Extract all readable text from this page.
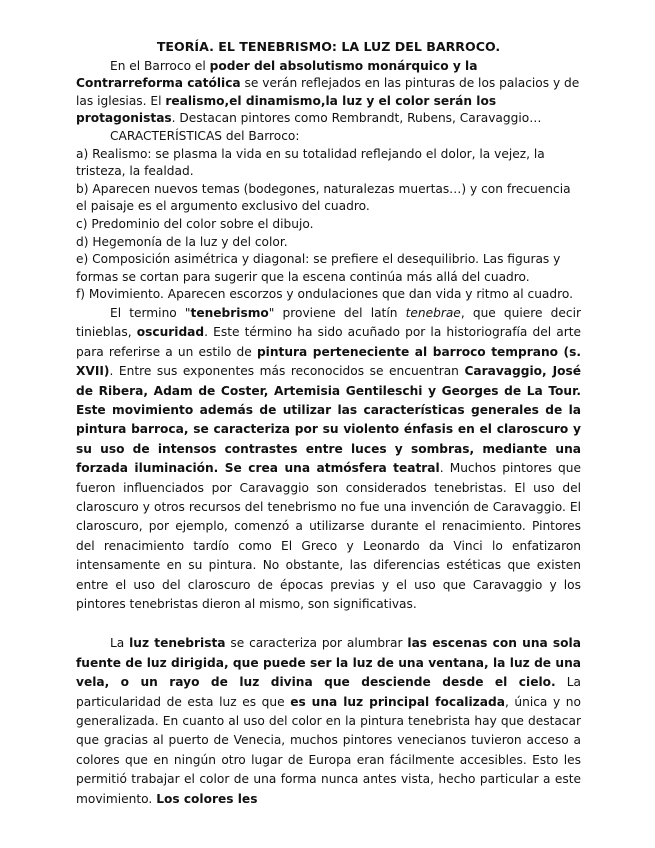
TEORÍA. EL TENEBRISMO: LA LUZ DEL BARROCO.

En el Barroco el poder del absolutismo monárquico y la Contrarreforma católica se verán reflejados en las pinturas de los palacios y de las iglesias. El realismo,el dinamismo,la luz y el color serán los protagonistas. Destacan pintores como Rembrandt, Rubens, Caravaggio…

CARACTERÍSTICAS del Barroco:

a) Realismo: se plasma la vida en su totalidad reflejando el dolor, la vejez, la tristeza, la fealdad.

b) Aparecen nuevos temas (bodegones, naturalezas muertas…) y con frecuencia el paisaje es el argumento exclusivo del cuadro.

c) Predominio del color sobre el dibujo.

d) Hegemonía de la luz y del color.

e) Composición asimétrica y diagonal: se prefiere el desequilibrio. Las figuras y formas se cortan para sugerir que la escena continúa más allá del cuadro.

f) Movimiento. Aparecen escorzos y ondulaciones que dan vida y ritmo al cuadro.

El termino "tenebrismo" proviene del latín tenebrae, que quiere decir tinieblas, oscuridad. Este término ha sido acuñado por la historiografía del arte para referirse a un estilo de pintura perteneciente al barroco temprano (s. XVII). Entre sus exponentes más reconocidos se encuentran Caravaggio, José de Ribera, Adam de Coster, Artemisia Gentileschi y Georges de La Tour. Este movimiento además de utilizar las características generales de la pintura barroca, se caracteriza por su violento énfasis en el claroscuro y su uso de intensos contrastes entre luces y sombras, mediante una forzada iluminación. Se crea una atmósfera teatral. Muchos pintores que fueron influenciados por Caravaggio son considerados tenebristas. El uso del claroscuro y otros recursos del tenebrismo no fue una invención de Caravaggio. El claroscuro, por ejemplo, comenzó a utilizarse durante el renacimiento. Pintores del renacimiento tardío como El Greco y Leonardo da Vinci lo enfatizaron intensamente en su pintura. No obstante, las diferencias estéticas que existen entre el uso del claroscuro de épocas previas y el uso que Caravaggio y los pintores tenebristas dieron al mismo, son significativas.

La luz tenebrista se caracteriza por alumbrar las escenas con una sola fuente de luz dirigida, que puede ser la luz de una ventana, la luz de una vela, o un rayo de luz divina que desciende desde el cielo. La particularidad de esta luz es que es una luz principal focalizada, única y no generalizada. En cuanto al uso del color en la pintura tenebrista hay que destacar que gracias al puerto de Venecia, muchos pintores venecianos tuvieron acceso a colores que en ningún otro lugar de Europa eran fácilmente accesibles. Esto les permitió trabajar el color de una forma nunca antes vista, hecho particular a este movimiento. Los colores les
